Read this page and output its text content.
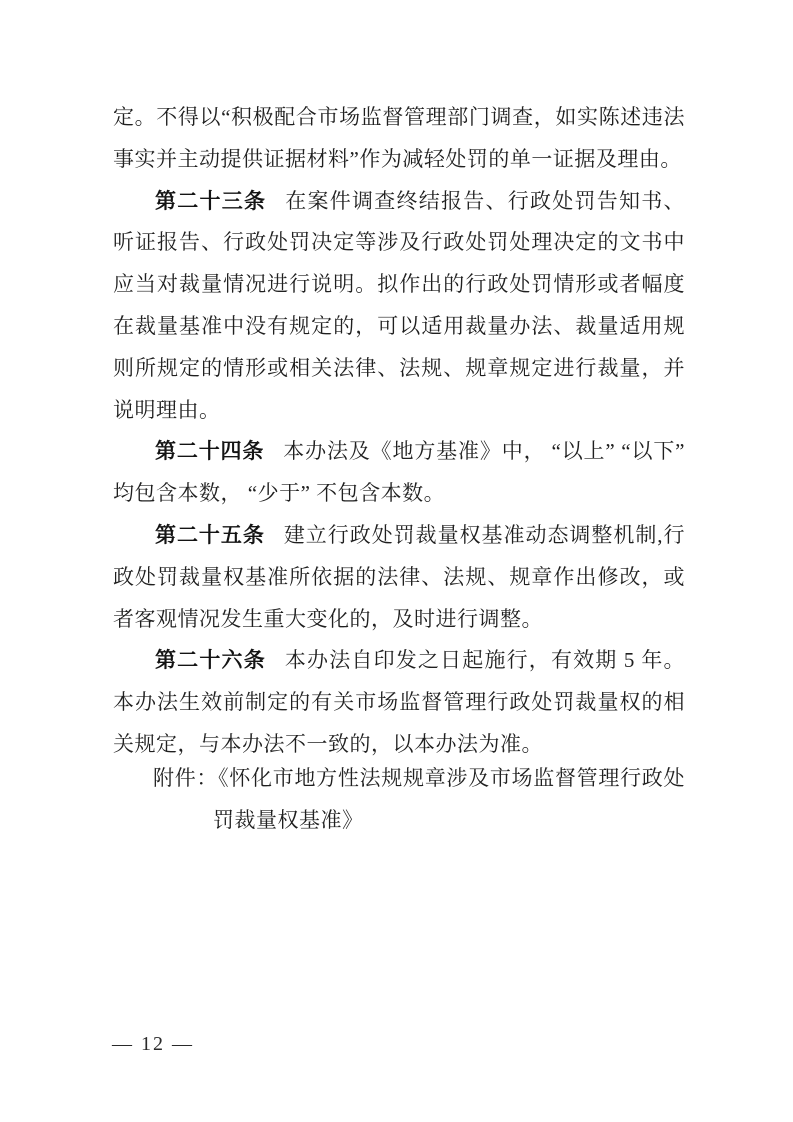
定。不得以“积极配合市场监督管理部门调查，如实陈述违法事实并主动提供证据材料”作为减轻处罚的单一证据及理由。

第二十三条 在案件调查终结报告、行政处罚告知书、听证报告、行政处罚决定等涉及行政处罚处理决定的文书中应当对裁量情况进行说明。拟作出的行政处罚情形或者幅度在裁量基准中没有规定的，可以适用裁量办法、裁量适用规则所规定的情形或相关法律、法规、规章规定进行裁量，并说明理由。

第二十四条 本办法及《地方基准》中， “以上” “以下”均包含本数， “少于” 不包含本数。

第二十五条 建立行政处罚裁量权基准动态调整机制,行政处罚裁量权基准所依据的法律、法规、规章作出修改，或者客观情况发生重大变化的，及时进行调整。

第二十六条 本办法自印发之日起施行，有效期 5 年。本办法生效前制定的有关市场监督管理行政处罚裁量权的相关规定，与本办法不一致的，以本办法为准。

附件：《怀化市地方性法规规章涉及市场监督管理行政处罚裁量权基准》
— 12 —
